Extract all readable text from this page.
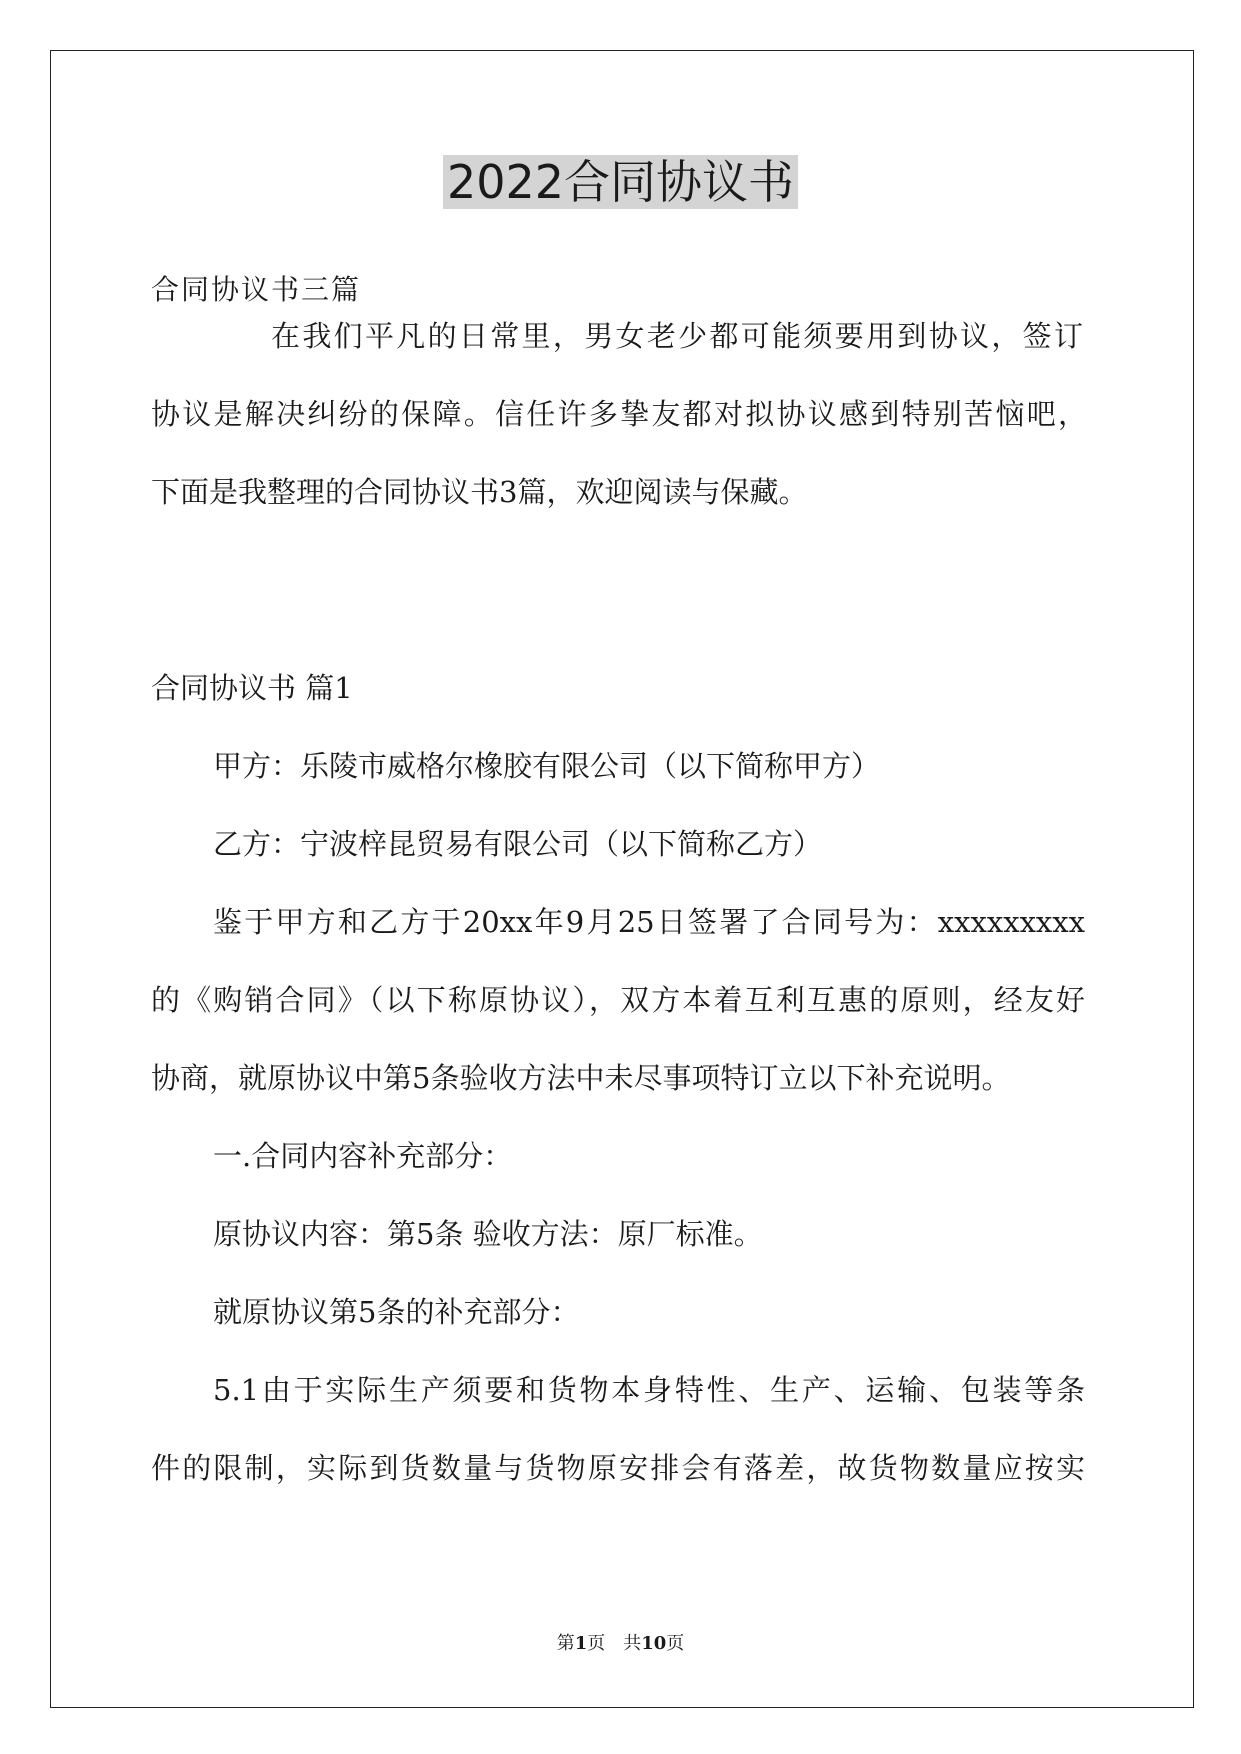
2022合同协议书
合同协议书三篇
在我们平凡的日常里，男女老少都可能须要用到协议，签订
协议是解决纠纷的保障。信任许多挚友都对拟协议感到特别苦恼吧，
下面是我整理的合同协议书3篇，欢迎阅读与保藏。
合同协议书 篇1
甲方：乐陵市威格尔橡胶有限公司（以下简称甲方）
乙方：宁波梓昆贸易有限公司（以下简称乙方）
鉴于甲方和乙方于20xx年9月25日签署了合同号为：xxxxxxxxx
的《购销合同》（以下称原协议），双方本着互利互惠的原则，经友好
协商，就原协议中第5条验收方法中未尽事项特订立以下补充说明。
一.合同内容补充部分：
原协议内容：第5条 验收方法：原厂标准。
就原协议第5条的补充部分：
5.1由于实际生产须要和货物本身特性、生产、运输、包装等条
件的限制，实际到货数量与货物原安排会有落差，故货物数量应按实
第1页　共10页
